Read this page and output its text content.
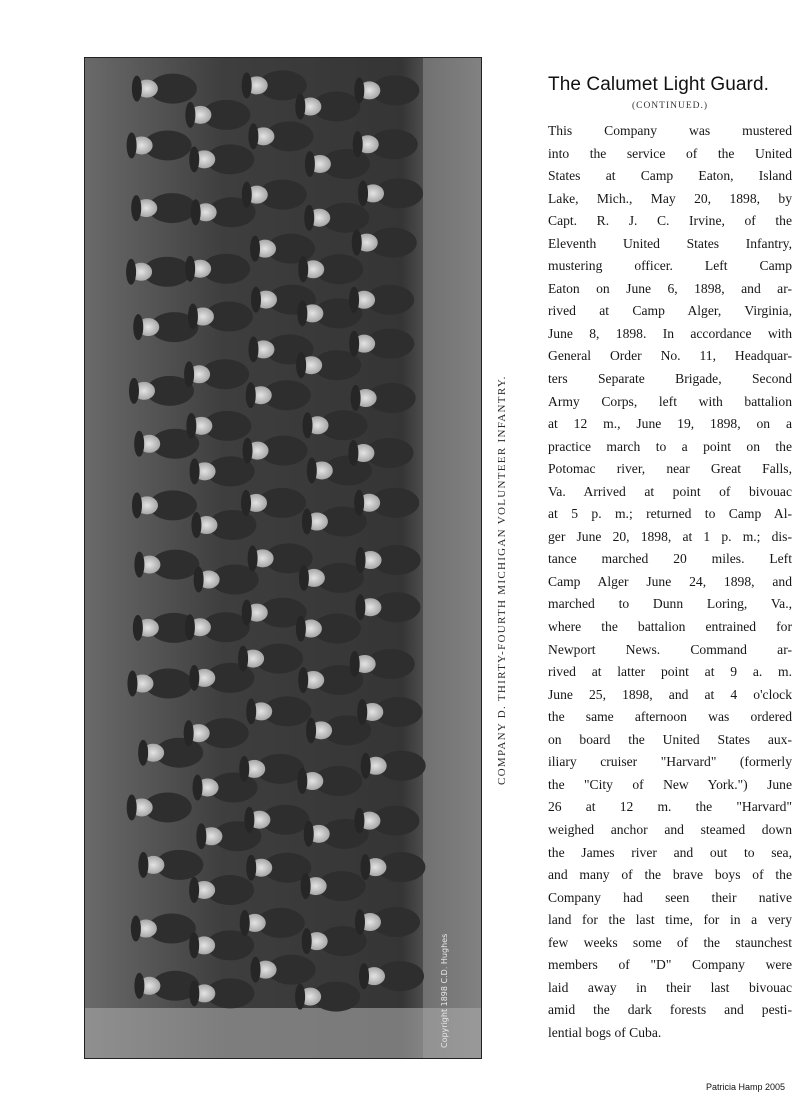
Copyright 1898 C.D. Hughes
COMPANY D. THIRTY-FOURTH MICHIGAN VOLUNTEER INFANTRY.
The Calumet Light Guard.
(CONTINUED.)
This Company was mustered
into the service of the United
States at Camp Eaton, Island
Lake, Mich., May 20, 1898, by
Capt. R. J. C. Irvine, of the
Eleventh United States Infantry,
mustering officer. Left Camp
Eaton on June 6, 1898, and ar-
rived at Camp Alger, Virginia,
June 8, 1898. In accordance with
General Order No. 11, Headquar-
ters Separate Brigade, Second
Army Corps, left with battalion
at 12 m., June 19, 1898, on a
practice march to a point on the
Potomac river, near Great Falls,
Va. Arrived at point of bivouac
at 5 p. m.; returned to Camp Al-
ger June 20, 1898, at 1 p. m.; dis-
tance marched 20 miles. Left
Camp Alger June 24, 1898, and
marched to Dunn Loring, Va.,
where the battalion entrained for
Newport News. Command ar-
rived at latter point at 9 a. m.
June 25, 1898, and at 4 o'clock
the same afternoon was ordered
on board the United States aux-
iliary cruiser "Harvard" (formerly
the "City of New York.") June
26 at 12 m. the "Harvard"
weighed anchor and steamed down
the James river and out to sea,
and many of the brave boys of the
Company had seen their native
land for the last time, for in a very
few weeks some of the staunchest
members of "D" Company were
laid away in their last bivouac
amid the dark forests and pesti-
lential bogs of Cuba.
Patricia Hamp 2005
